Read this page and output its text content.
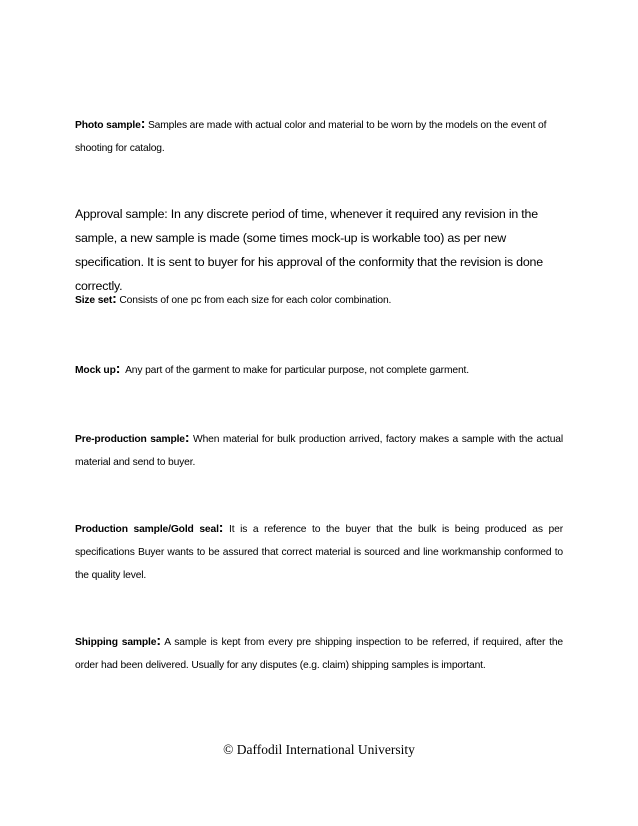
Photo sample: Samples are made with actual color and material to be worn by the models on the event of shooting for catalog.

Approval sample: In any discrete period of time, whenever it required any revision in the sample, a new sample is made (some times mock-up is workable too) as per new specification. It is sent to buyer for his approval of the conformity that the revision is done correctly.

Size set: Consists of one pc from each size for each color combination.

Mock up:  Any part of the garment to make for particular purpose, not complete garment.

Pre-production sample: When material for bulk production arrived, factory makes a sample with the actual material and send to buyer.

Production sample/Gold seal: It is a reference to the buyer that the bulk is being produced as per specifications Buyer wants to be assured that correct material is sourced and line workmanship conformed to the quality level.

Shipping sample: A sample is kept from every pre shipping inspection to be referred, if required, after the order had been delivered. Usually for any disputes (e.g. claim) shipping samples is important.

© Daffodil International University
